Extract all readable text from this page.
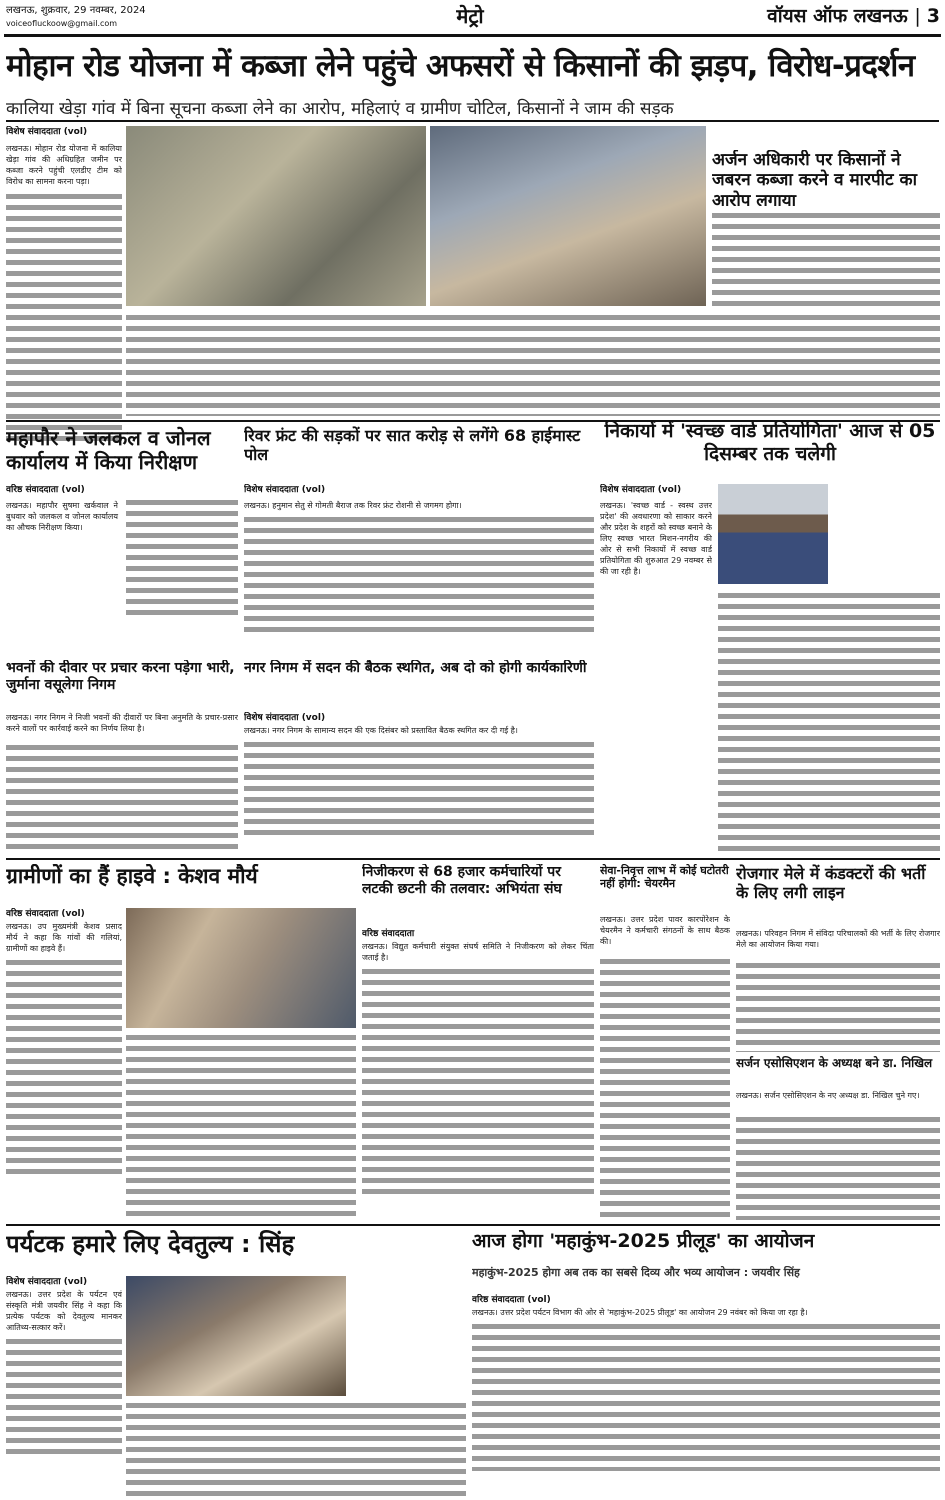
लखनऊ, शुक्रवार, 29 नवम्बर, 2024
voiceofluckoow@gmail.com	मेट्रो	वॉयस ऑफ लखनऊ | 3
मोहान रोड योजना में कब्जा लेने पहुंचे अफसरों से किसानों की झड़प, विरोध-प्रदर्शन
कालिया खेड़ा गांव में बिना सूचना कब्जा लेने का आरोप, महिलाएं व ग्रामीण चोटिल, किसानों ने जाम की सड़क
विशेष संवाददाता (vol)
लखनऊ। मोहान रोड योजना में कालिया खेड़ा गांव की अधिग्रहित जमीन पर कब्जा करने पहुंची एलडीए टीम को विरोध का सामना करना पड़ा।
अर्जन अधिकारी पर किसानों ने जबरन कब्जा करने व मारपीट का आरोप लगाया
महापौर ने जलकल व जोनल कार्यालय में किया निरीक्षण
वरिष्ठ संवाददाता (vol)
लखनऊ। महापौर सुषमा खर्कवाल ने बुधवार को जलकल व जोनल कार्यालय का औचक निरीक्षण किया।
रिवर फ्रंट की सड़कों पर सात करोड़ से लगेंगे 68 हाईमास्ट पोल
विशेष संवाददाता (vol)
लखनऊ। हनुमान सेतु से गोमती बैराज तक रिवर फ्रंट रोशनी से जगमग होगा।
निकायों में 'स्वच्छ वार्ड प्रतियोगिता' आज से 05 दिसम्बर तक चलेगी
विशेष संवाददाता (vol)
लखनऊ। 'स्वच्छ वार्ड - स्वस्थ उत्तर प्रदेश' की अवधारणा को साकार करने और प्रदेश के शहरों को स्वच्छ बनाने के लिए स्वच्छ भारत मिशन-नगरीय की ओर से सभी निकायों में स्वच्छ वार्ड प्रतियोगिता की शुरुआत 29 नवम्बर से की जा रही है।
भवनों की दीवार पर प्रचार करना पड़ेगा भारी, जुर्माना वसूलेगा निगम
लखनऊ। नगर निगम ने निजी भवनों की दीवारों पर बिना अनुमति के प्रचार-प्रसार करने वालों पर कार्रवाई करने का निर्णय लिया है।
नगर निगम में सदन की बैठक स्थगित, अब दो को होगी कार्यकारिणी
विशेष संवाददाता (vol)
लखनऊ। नगर निगम के सामान्य सदन की एक दिसंबर को प्रस्तावित बैठक स्थगित कर दी गई है।
ग्रामीणों का हैं हाइवे : केशव मौर्य
वरिष्ठ संवाददाता (vol)
लखनऊ। उप मुख्यमंत्री केशव प्रसाद मौर्य ने कहा कि गांवों की गलियां, ग्रामीणों का हाइवे हैं।
निजीकरण से 68 हजार कर्मचारियों पर लटकी छटनी की तलवार: अभियंता संघ
वरिष्ठ संवाददाता
लखनऊ। विद्युत कर्मचारी संयुक्त संघर्ष समिति ने निजीकरण को लेकर चिंता जताई है।
सेवा-निवृत्त लाभ में कोई घटोतरी नहीं होगी: चेयरमैन
लखनऊ। उत्तर प्रदेश पावर कारपोरेशन के चेयरमैन ने कर्मचारी संगठनों के साथ बैठक की।
रोजगार मेले में कंडक्टरों की भर्ती के लिए लगी लाइन
लखनऊ। परिवहन निगम में संविदा परिचालकों की भर्ती के लिए रोजगार मेले का आयोजन किया गया।
सर्जन एसोसिएशन के अध्यक्ष बने डा. निखिल
लखनऊ। सर्जन एसोसिएशन के नए अध्यक्ष डा. निखिल चुने गए।
पर्यटक हमारे लिए देवतुल्य : सिंह
विशेष संवाददाता (vol)
लखनऊ। उत्तर प्रदेश के पर्यटन एवं संस्कृति मंत्री जयवीर सिंह ने कहा कि प्रत्येक पर्यटक को देवतुल्य मानकर आतिथ्य-सत्कार करें।
आज होगा 'महाकुंभ-2025 प्रीलूड' का आयोजन
महाकुंभ-2025 होगा अब तक का सबसे दिव्य और भव्य आयोजन : जयवीर सिंह
वरिष्ठ संवाददाता (vol)
लखनऊ। उत्तर प्रदेश पर्यटन विभाग की ओर से 'महाकुंभ-2025 प्रीलूड' का आयोजन 29 नवंबर को किया जा रहा है।
